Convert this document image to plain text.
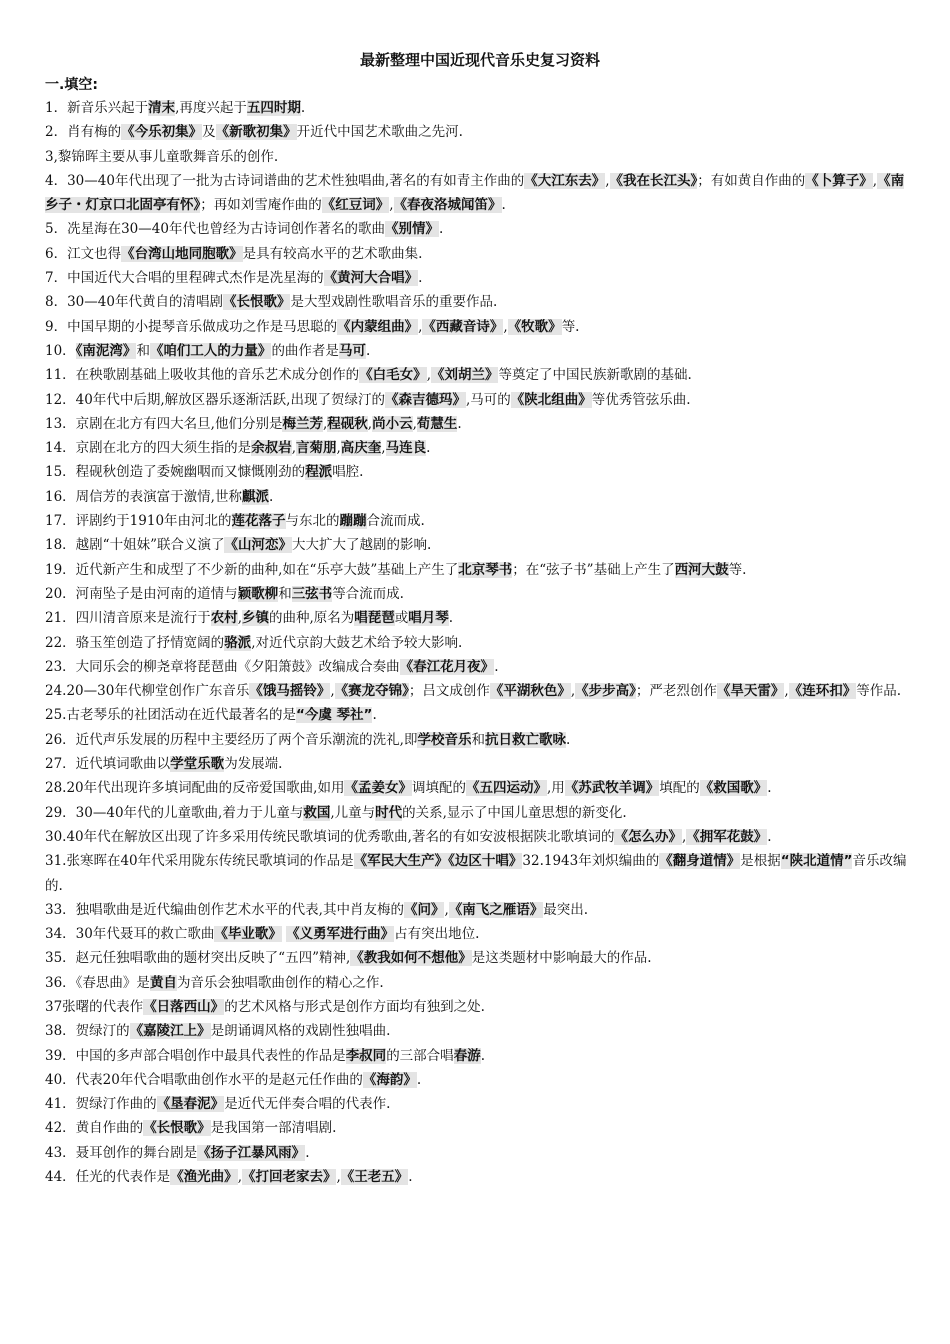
最新整理中国近现代音乐史复习资料
一.填空:
1．新音乐兴起于清末,再度兴起于五四时期.
2．肖有梅的《今乐初集》及《新歌初集》开近代中国艺术歌曲之先河.
3,黎锦晖主要从事儿童歌舞音乐的创作.
4．30—40年代出现了一批为古诗词谱曲的艺术性独唱曲,著名的有如青主作曲的《大江东去》,《我在长江头》；有如黄自作曲的《卜算子》,《南乡子・灯京口北固亭有怀》；再如刘雪庵作曲的《红豆词》,《春夜洛城闻笛》.
5．冼星海在30—40年代也曾经为古诗词创作著名的歌曲《别情》.
6．江文也得《台湾山地同胞歌》是具有较高水平的艺术歌曲集.
7．中国近代大合唱的里程碑式杰作是冼星海的《黄河大合唱》.
8．30—40年代黄自的清唱剧《长恨歌》是大型戏剧性歌唱音乐的重要作品.
9．中国早期的小提琴音乐做成功之作是马思聪的《内蒙组曲》,《西藏音诗》,《牧歌》等.
10．《南泥湾》和《咱们工人的力量》的曲作者是马可.
11．在秧歌剧基础上吸收其他的音乐艺术成分创作的《白毛女》,《刘胡兰》等奠定了中国民族新歌剧的基础.
12．40年代中后期,解放区器乐逐渐活跃,出现了贺绿汀的《森吉德玛》,马可的《陕北组曲》等优秀管弦乐曲.
13．京剧在北方有四大名旦,他们分别是梅兰芳,程砚秋,尚小云,荀慧生.
14．京剧在北方的四大须生指的是余叔岩,言菊朋,高庆奎,马连良.
15．程砚秋创造了委婉幽咽而又慷慨刚劲的程派唱腔.
16．周信芳的表演富于激情,世称麒派.
17．评剧约于1910年由河北的莲花落子与东北的蹦蹦合流而成.
18．越剧“十姐妹”联合义演了《山河恋》大大扩大了越剧的影响.
19．近代新产生和成型了不少新的曲种,如在“乐亭大鼓”基础上产生了北京琴书；在“弦子书”基础上产生了西河大鼓等.
20．河南坠子是由河南的道情与颖歌柳和三弦书等合流而成.
21．四川清音原来是流行于农村,乡镇的曲种,原名为唱琵琶或唱月琴.
22．骆玉笙创造了抒情宽阔的骆派,对近代京韵大鼓艺术给予较大影响.
23．大同乐会的柳尧章将琵琶曲《夕阳箫鼓》改编成合奏曲《春江花月夜》.
24.20—30年代柳堂创作广东音乐《饿马摇铃》,《赛龙夺锦》；吕文成创作《平湖秋色》,《步步高》；严老烈创作《旱天雷》,《连环扣》等作品.
25.古老琴乐的社团活动在近代最著名的是“今虞 琴社”.
26．近代声乐发展的历程中主要经历了两个音乐潮流的洗礼,即学校音乐和抗日救亡歌咏.
27．近代填词歌曲以学堂乐歌为发展端.
28.20年代出现许多填词配曲的反帝爱国歌曲,如用《孟姜女》调填配的《五四运动》,用《苏武牧羊调》填配的《救国歌》.
29．30—40年代的儿童歌曲,着力于儿童与救国,儿童与时代的关系,显示了中国儿童思想的新变化.
30.40年代在解放区出现了许多采用传统民歌填词的优秀歌曲,著名的有如安波根据陕北歌填词的《怎么办》,《拥军花鼓》.
31.张寒晖在40年代采用陇东传统民歌填词的作品是《军民大生产》《边区十唱》32.1943年刘炽编曲的《翻身道情》是根据“陕北道情”音乐改编的.
33．独唱歌曲是近代编曲创作艺术水平的代表,其中肖友梅的《问》,《南飞之雁语》最突出.
34．30年代聂耳的救亡歌曲《毕业歌》 《义勇军进行曲》占有突出地位.
35．赵元任独唱歌曲的题材突出反映了“五四”精神,《教我如何不想他》是这类题材中影响最大的作品.
36．《春思曲》是黄自为音乐会独唱歌曲创作的精心之作.
37张曙的代表作《日落西山》的艺术风格与形式是创作方面均有独到之处.
38．贺绿汀的《嘉陵江上》是朗诵调风格的戏剧性独唱曲.
39．中国的多声部合唱创作中最具代表性的作品是李叔同的三部合唱春游.
40．代表20年代合唱歌曲创作水平的是赵元任作曲的《海韵》.
41．贺绿汀作曲的《垦春泥》是近代无伴奏合唱的代表作.
42．黄自作曲的《长恨歌》是我国第一部清唱剧.
43．聂耳创作的舞台剧是《扬子江暴风雨》.
44．任光的代表作是《渔光曲》,《打回老家去》,《王老五》.
